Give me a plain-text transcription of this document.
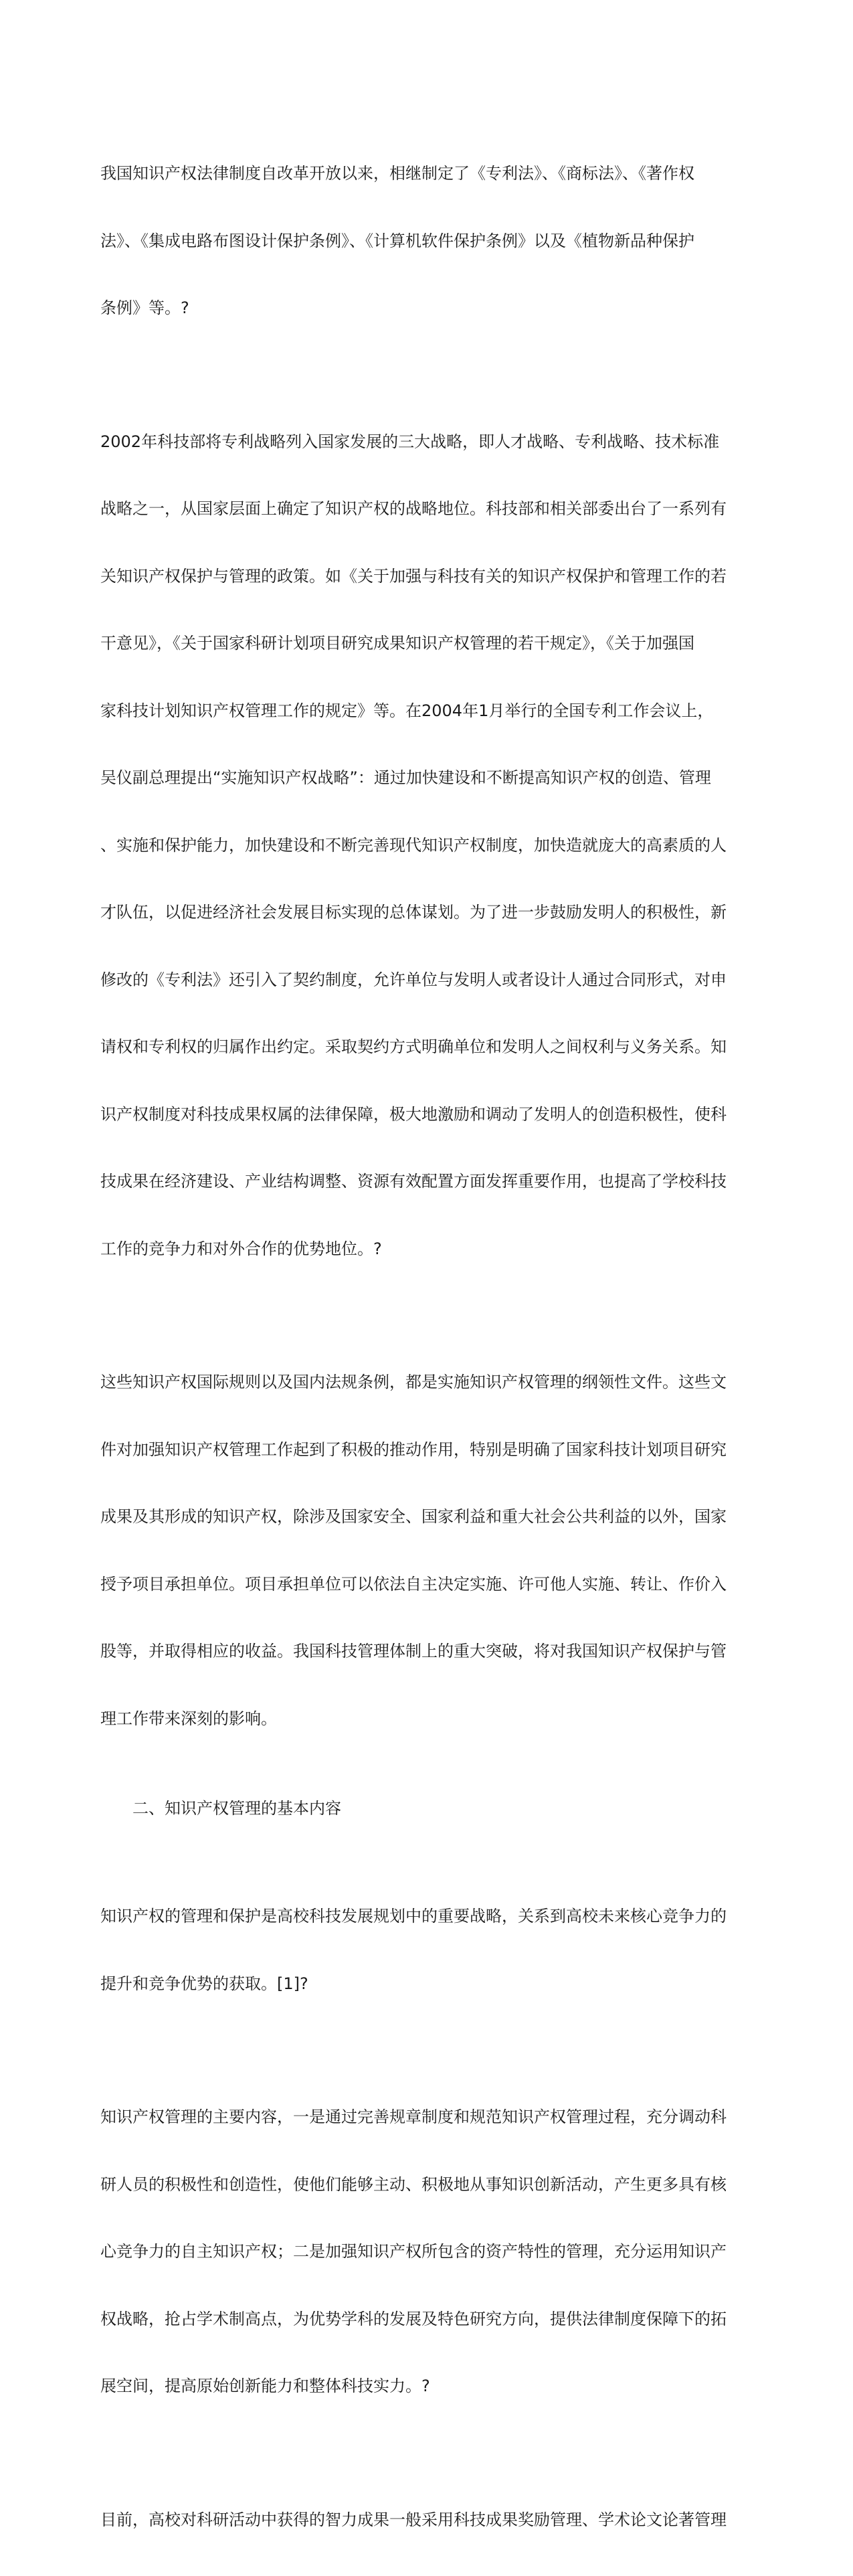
我国知识产权法律制度自改革开放以来，相继制定了《专利法》、《商标法》、《著作权

法》、《集成电路布图设计保护条例》、《计算机软件保护条例》以及《植物新品种保护

条例》等。?

2002年科技部将专利战略列入国家发展的三大战略，即人才战略、专利战略、技术标准

战略之一，从国家层面上确定了知识产权的战略地位。科技部和相关部委出台了一系列有

关知识产权保护与管理的政策。如《关于加强与科技有关的知识产权保护和管理工作的若

干意见》，《关于国家科研计划项目研究成果知识产权管理的若干规定》，《关于加强国

家科技计划知识产权管理工作的规定》等。在2004年1月举行的全国专利工作会议上，

吴仪副总理提出“实施知识产权战略”：通过加快建设和不断提高知识产权的创造、管理

、实施和保护能力，加快建设和不断完善现代知识产权制度，加快造就庞大的高素质的人

才队伍，以促进经济社会发展目标实现的总体谋划。为了进一步鼓励发明人的积极性，新

修改的《专利法》还引入了契约制度，允许单位与发明人或者设计人通过合同形式，对申

请权和专利权的归属作出约定。采取契约方式明确单位和发明人之间权利与义务关系。知

识产权制度对科技成果权属的法律保障，极大地激励和调动了发明人的创造积极性，使科

技成果在经济建设、产业结构调整、资源有效配置方面发挥重要作用，也提高了学校科技

工作的竞争力和对外合作的优势地位。?

这些知识产权国际规则以及国内法规条例，都是实施知识产权管理的纲领性文件。这些文

件对加强知识产权管理工作起到了积极的推动作用，特别是明确了国家科技计划项目研究

成果及其形成的知识产权，除涉及国家安全、国家利益和重大社会公共利益的以外，国家

授予项目承担单位。项目承担单位可以依法自主决定实施、许可他人实施、转让、作价入

股等，并取得相应的收益。我国科技管理体制上的重大突破，将对我国知识产权保护与管

理工作带来深刻的影响。

二、知识产权管理的基本内容

知识产权的管理和保护是高校科技发展规划中的重要战略，关系到高校未来核心竞争力的

提升和竞争优势的获取。[1]?

知识产权管理的主要内容，一是通过完善规章制度和规范知识产权管理过程，充分调动科

研人员的积极性和创造性，使他们能够主动、积极地从事知识创新活动，产生更多具有核

心竞争力的自主知识产权；二是加强知识产权所包含的资产特性的管理，充分运用知识产

权战略，抢占学术制高点，为优势学科的发展及特色研究方向，提供法律制度保障下的拓

展空间，提高原始创新能力和整体科技实力。?

目前，高校对科研活动中获得的智力成果一般采用科技成果奖励管理、学术论文论著管理
